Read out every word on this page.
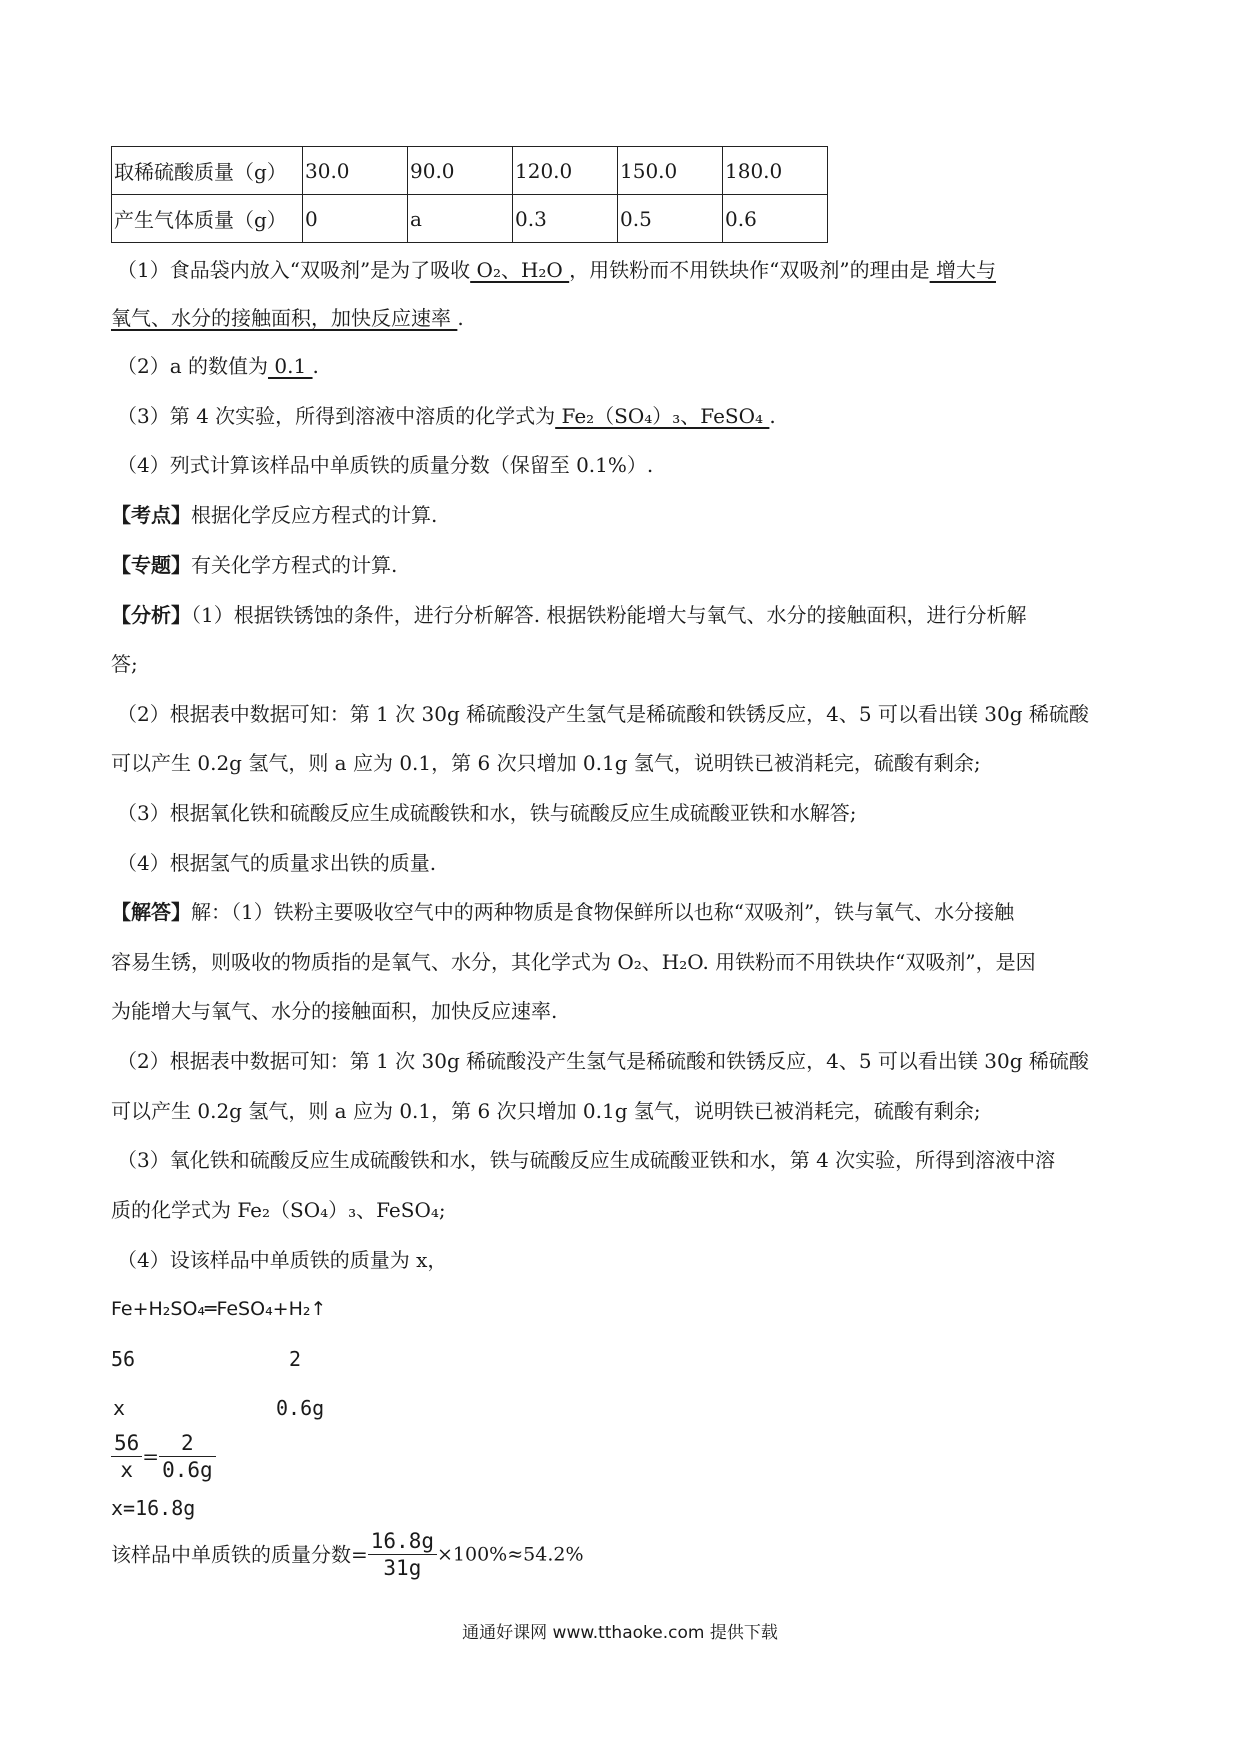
取稀硫酸质量（g）	30.0	90.0	120.0	150.0	180.0
产生气体质量（g）	0	a	0.3	0.5	0.6
（1）食品袋内放入“双吸剂”是为了吸收 O₂、H₂O ，用铁粉而不用铁块作“双吸剂”的理由是 增大与
氧气、水分的接触面积，加快反应速率 .
（2）a 的数值为 0.1 .
（3）第 4 次实验，所得到溶液中溶质的化学式为 Fe₂（SO₄）₃、FeSO₄ .
（4）列式计算该样品中单质铁的质量分数（保留至 0.1%）.
【考点】根据化学反应方程式的计算.
【专题】有关化学方程式的计算.
【分析】（1）根据铁锈蚀的条件，进行分析解答. 根据铁粉能增大与氧气、水分的接触面积，进行分析解
答;
（2）根据表中数据可知：第 1 次 30g 稀硫酸没产生氢气是稀硫酸和铁锈反应，4、5 可以看出镁 30g 稀硫酸
可以产生 0.2g 氢气，则 a 应为 0.1，第 6 次只增加 0.1g 氢气，说明铁已被消耗完，硫酸有剩余;
（3）根据氧化铁和硫酸反应生成硫酸铁和水，铁与硫酸反应生成硫酸亚铁和水解答;
（4）根据氢气的质量求出铁的质量.
【解答】解：（1）铁粉主要吸收空气中的两种物质是食物保鲜所以也称“双吸剂”，铁与氧气、水分接触
容易生锈，则吸收的物质指的是氧气、水分，其化学式为 O₂、H₂O. 用铁粉而不用铁块作“双吸剂”，是因
为能增大与氧气、水分的接触面积，加快反应速率.
（2）根据表中数据可知：第 1 次 30g 稀硫酸没产生氢气是稀硫酸和铁锈反应，4、5 可以看出镁 30g 稀硫酸
可以产生 0.2g 氢气，则 a 应为 0.1，第 6 次只增加 0.1g 氢气，说明铁已被消耗完，硫酸有剩余;
（3）氧化铁和硫酸反应生成硫酸铁和水，铁与硫酸反应生成硫酸亚铁和水，第 4 次实验，所得到溶液中溶
质的化学式为 Fe₂（SO₄）₃、FeSO₄;
（4）设该样品中单质铁的质量为 x，
Fe+H₂SO₄═FeSO₄+H₂↑
56	2
x	0.6g
$\frac{56}{x} = \frac{2}{0.6g}$
x=16.8g
该样品中单质铁的质量分数= $\frac{16.8g}{31g} \times 100\%\approx 54.2\%$
通通好课网 www.tthaoke.com 提供下载
